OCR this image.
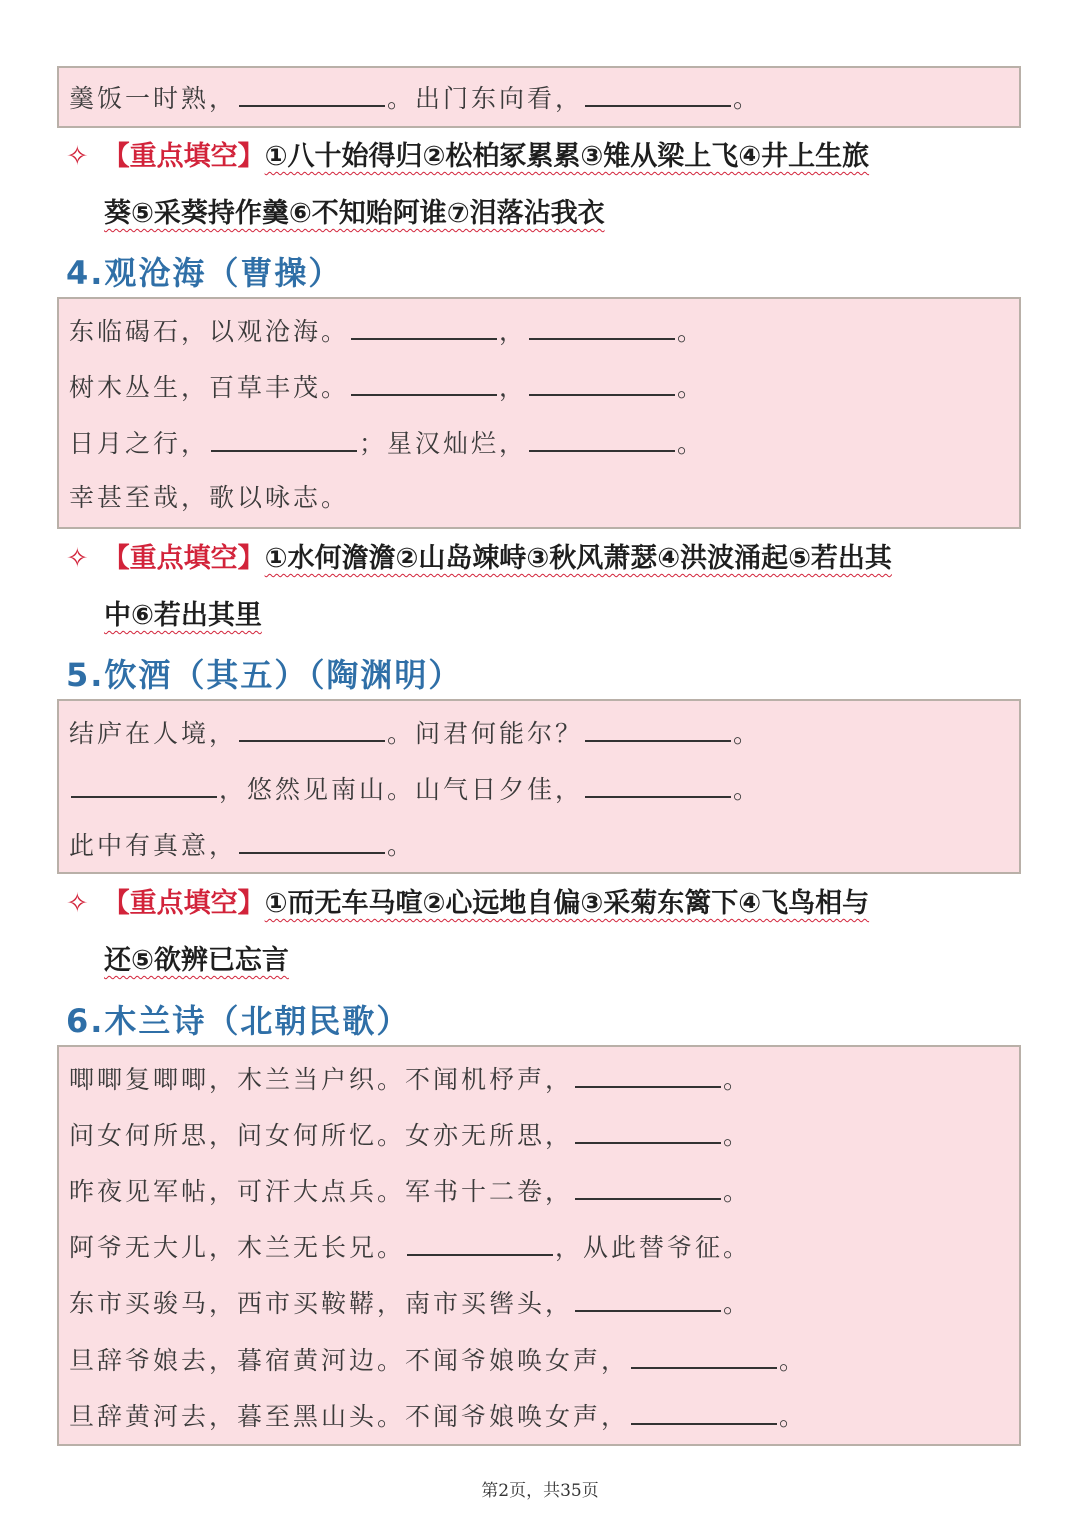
羹饭一时熟，	。出门东向看，	。
✧ 【重点填空】①八十始得归②松柏冢累累③雉从梁上飞④井上生旅
葵⑤采葵持作羹⑥不知贻阿谁⑦泪落沾我衣
4.观沧海（曹操）
东临碣石，以观沧海。	，	。
树木丛生，百草丰茂。	，	。
日月之行，	；星汉灿烂，	。
幸甚至哉，歌以咏志。
✧ 【重点填空】①水何澹澹②山岛竦峙③秋风萧瑟④洪波涌起⑤若出其
中⑥若出其里
5.饮酒（其五）（陶渊明）
结庐在人境，	。问君何能尔？	。
，悠然见南山。山气日夕佳，	。
此中有真意，	。
✧ 【重点填空】①而无车马喧②心远地自偏③采菊东篱下④飞鸟相与
还⑤欲辨已忘言
6.木兰诗（北朝民歌）
唧唧复唧唧，木兰当户织。不闻机杼声，	。
问女何所思，问女何所忆。女亦无所思，	。
昨夜见军帖，可汗大点兵。军书十二卷，	。
阿爷无大儿，木兰无长兄。	，从此替爷征。
东市买骏马，西市买鞍鞯，南市买辔头，	。
旦辞爷娘去，暮宿黄河边。不闻爷娘唤女声，	。
旦辞黄河去，暮至黑山头。不闻爷娘唤女声，	。
第2页，共35页
